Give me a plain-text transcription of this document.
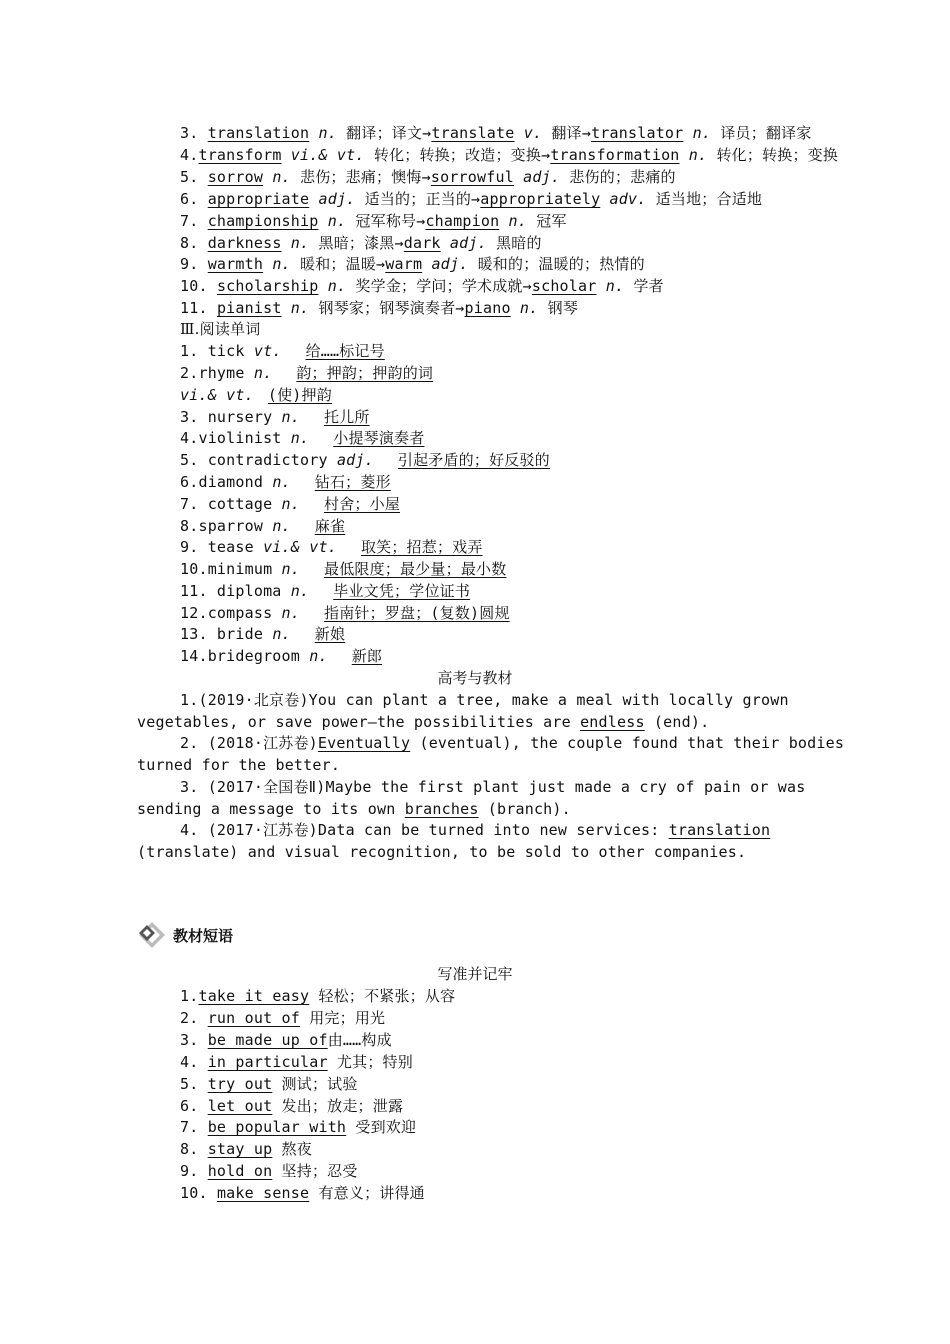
3. translation n. 翻译；译文→translate v. 翻译→translator n. 译员；翻译家
4.transform vi.& vt. 转化；转换；改造；变换→transformation n. 转化；转换；变换
5. sorrow n. 悲伤；悲痛；懊悔→sorrowful adj. 悲伤的；悲痛的
6. appropriate adj. 适当的；正当的→appropriately adv. 适当地；合适地
7. championship n. 冠军称号→champion n. 冠军
8. darkness n. 黑暗；漆黑→dark adj. 黑暗的
9. warmth n. 暖和；温暖→warm adj. 暖和的；温暖的；热情的
10. scholarship n. 奖学金；学问；学术成就→scholar n. 学者
11. pianist n. 钢琴家；钢琴演奏者→piano n. 钢琴
Ⅲ.阅读单词
1. tick vt. 给……标记号
2.rhyme n. 韵；押韵；押韵的词
vi.& vt. (使)押韵
3. nursery n. 托儿所
4.violinist n. 小提琴演奏者
5. contradictory adj. 引起矛盾的；好反驳的
6.diamond n. 钻石；菱形
7. cottage n. 村舍；小屋
8.sparrow n. 麻雀
9. tease vi.& vt. 取笑；招惹；戏弄
10.minimum n. 最低限度；最少量；最小数
11. diploma n. 毕业文凭；学位证书
12.compass n. 指南针；罗盘；(复数)圆规
13. bride n. 新娘
14.bridegroom n. 新郎
高考与教材
1.(2019·北京卷)You can plant a tree, make a meal with locally grown
vegetables, or save power—the possibilities are endless (end).
2. (2018·江苏卷)Eventually (eventual), the couple found that their bodies
turned for the better.
3. (2017·全国卷Ⅱ)Maybe the first plant just made a cry of pain or was
sending a message to its own branches (branch).
4. (2017·江苏卷)Data can be turned into new services: translation
(translate) and visual recognition, to be sold to other companies.
教材短语
写准并记牢
1.take it easy 轻松；不紧张；从容
2. run out of 用完；用光
3. be made up of由……构成
4. in particular 尤其；特别
5. try out 测试；试验
6. let out 发出；放走；泄露
7. be popular with 受到欢迎
8. stay up 熬夜
9. hold on 坚持；忍受
10. make sense 有意义；讲得通
